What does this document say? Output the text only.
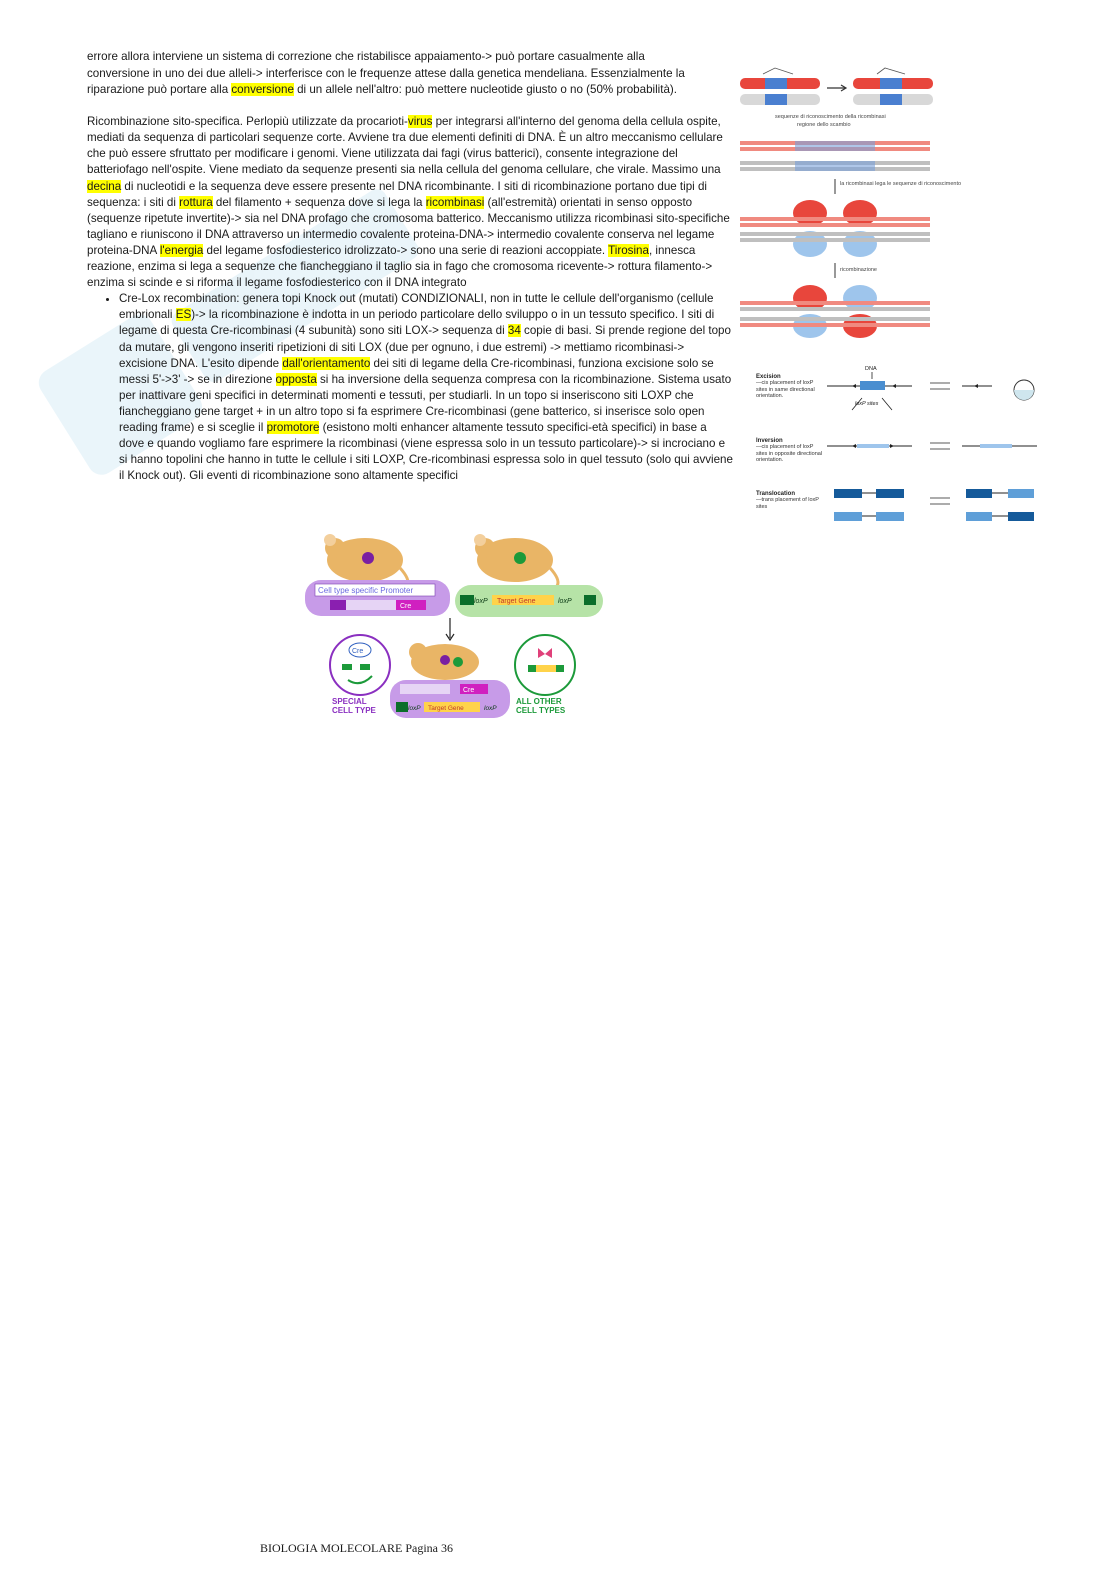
errore allora interviene un sistema di correzione che ristabilisce appaiamento-> può portare casualmente alla

conversione in uno dei due alleli-> interferisce con le frequenze attese dalla genetica mendeliana. Essenzialmente la riparazione può portare alla conversione di un allele nell'altro: può mettere nucleotide giusto o no (50% probabilità).

Ricombinazione sito-specifica. Perlopiù utilizzate da procarioti-virus per integrarsi all'interno del genoma della cellula ospite, mediati da sequenza di particolari sequenze corte. Avviene tra due elementi definiti di DNA. È un altro meccanismo cellulare che può essere sfruttato per modificare i genomi. Viene utilizzata dai fagi (virus batterici), consente integrazione del batteriofago nell'ospite. Viene mediato da sequenze presenti sia nella cellula del genoma cellulare, che virale. Massimo una decina di nucleotidi e la sequenza deve essere presente nel DNA ricombinante. I siti di ricombinazione portano due tipi di sequenza: i siti di rottura del filamento + sequenza dove si lega la ricombinasi (all'estremità) orientati in senso opposto (sequenze ripetute invertite)-> sia nel DNA profago che cromosoma batterico. Meccanismo utilizza ricombinasi sito-specifiche tagliano e riuniscono il DNA attraverso un intermedio covalente proteina-DNA-> intermedio covalente conserva nel legame proteina-DNA l'energia del legame fosfodiesterico idrolizzato-> sono una serie di reazioni accoppiate. Tirosina, innesca reazione, enzima si lega a sequenze che fiancheggiano il taglio sia in fago che cromosoma ricevente-> rottura filamento-> enzima si scinde e si riforma il legame fosfodiesterico con il DNA integrato

• Cre-Lox recombination: genera topi Knock out (mutati) CONDIZIONALI, non in tutte le cellule dell'organismo (cellule embrionali ES)-> la ricombinazione è indotta in un periodo particolare dello sviluppo o in un tessuto specifico. I siti di legame di questa Cre-ricombinasi (4 subunità) sono siti LOX-> sequenza di 34 copie di basi. Si prende regione del topo da mutare, gli vengono inseriti ripetizioni di siti LOX (due per ognuno, i due estremi) -> mettiamo ricombinasi-> excisione DNA. L'esito dipende dall'orientamento dei siti di legame della Cre-ricombinasi, funziona excisione solo se messi 5'->3' -> se in direzione opposta si ha inversione della sequenza compresa con la ricombinazione. Sistema usato per inattivare geni specifici in determinati momenti e tessuti, per studiarli. In un topo si inseriscono siti LOXP che fiancheggiano gene target + in un altro topo si fa esprimere Cre-ricombinasi (gene batterico, si inserisce solo open reading frame) e si sceglie il promotore (esistono molti enhancer altamente tessuto specifici-età specifici) in base a dove e quando vogliamo fare esprimere la ricombinasi (viene espressa solo in un tessuto particolare)-> si incrociano e si hanno topolini che hanno in tutte le cellule i siti LOXP, Cre-ricombinasi espressa solo in quel tessuto (solo qui avviene il Knock out). Gli eventi di ricombinazione sono altamente specifici
sequenze di riconoscimento della ricombinasi
regione dello scambio
la ricombinasi lega le sequenze di riconoscimento
ricombinazione
Excision
—cis placement of loxP sites in same directional orientation.
DNA
loxP sites
Inversion
—cis placement of loxP sites in opposite directional orientation.
Translocation
—trans placement of loxP sites
Cell type specific Promoter
Cre
loxP Target Gene	loxP
Cre
loxP Target Gene	loxP
Cre
SPECIAL
CELL TYPE
ALL OTHER
CELL TYPES
BIOLOGIA MOLECOLARE Pagina 36
